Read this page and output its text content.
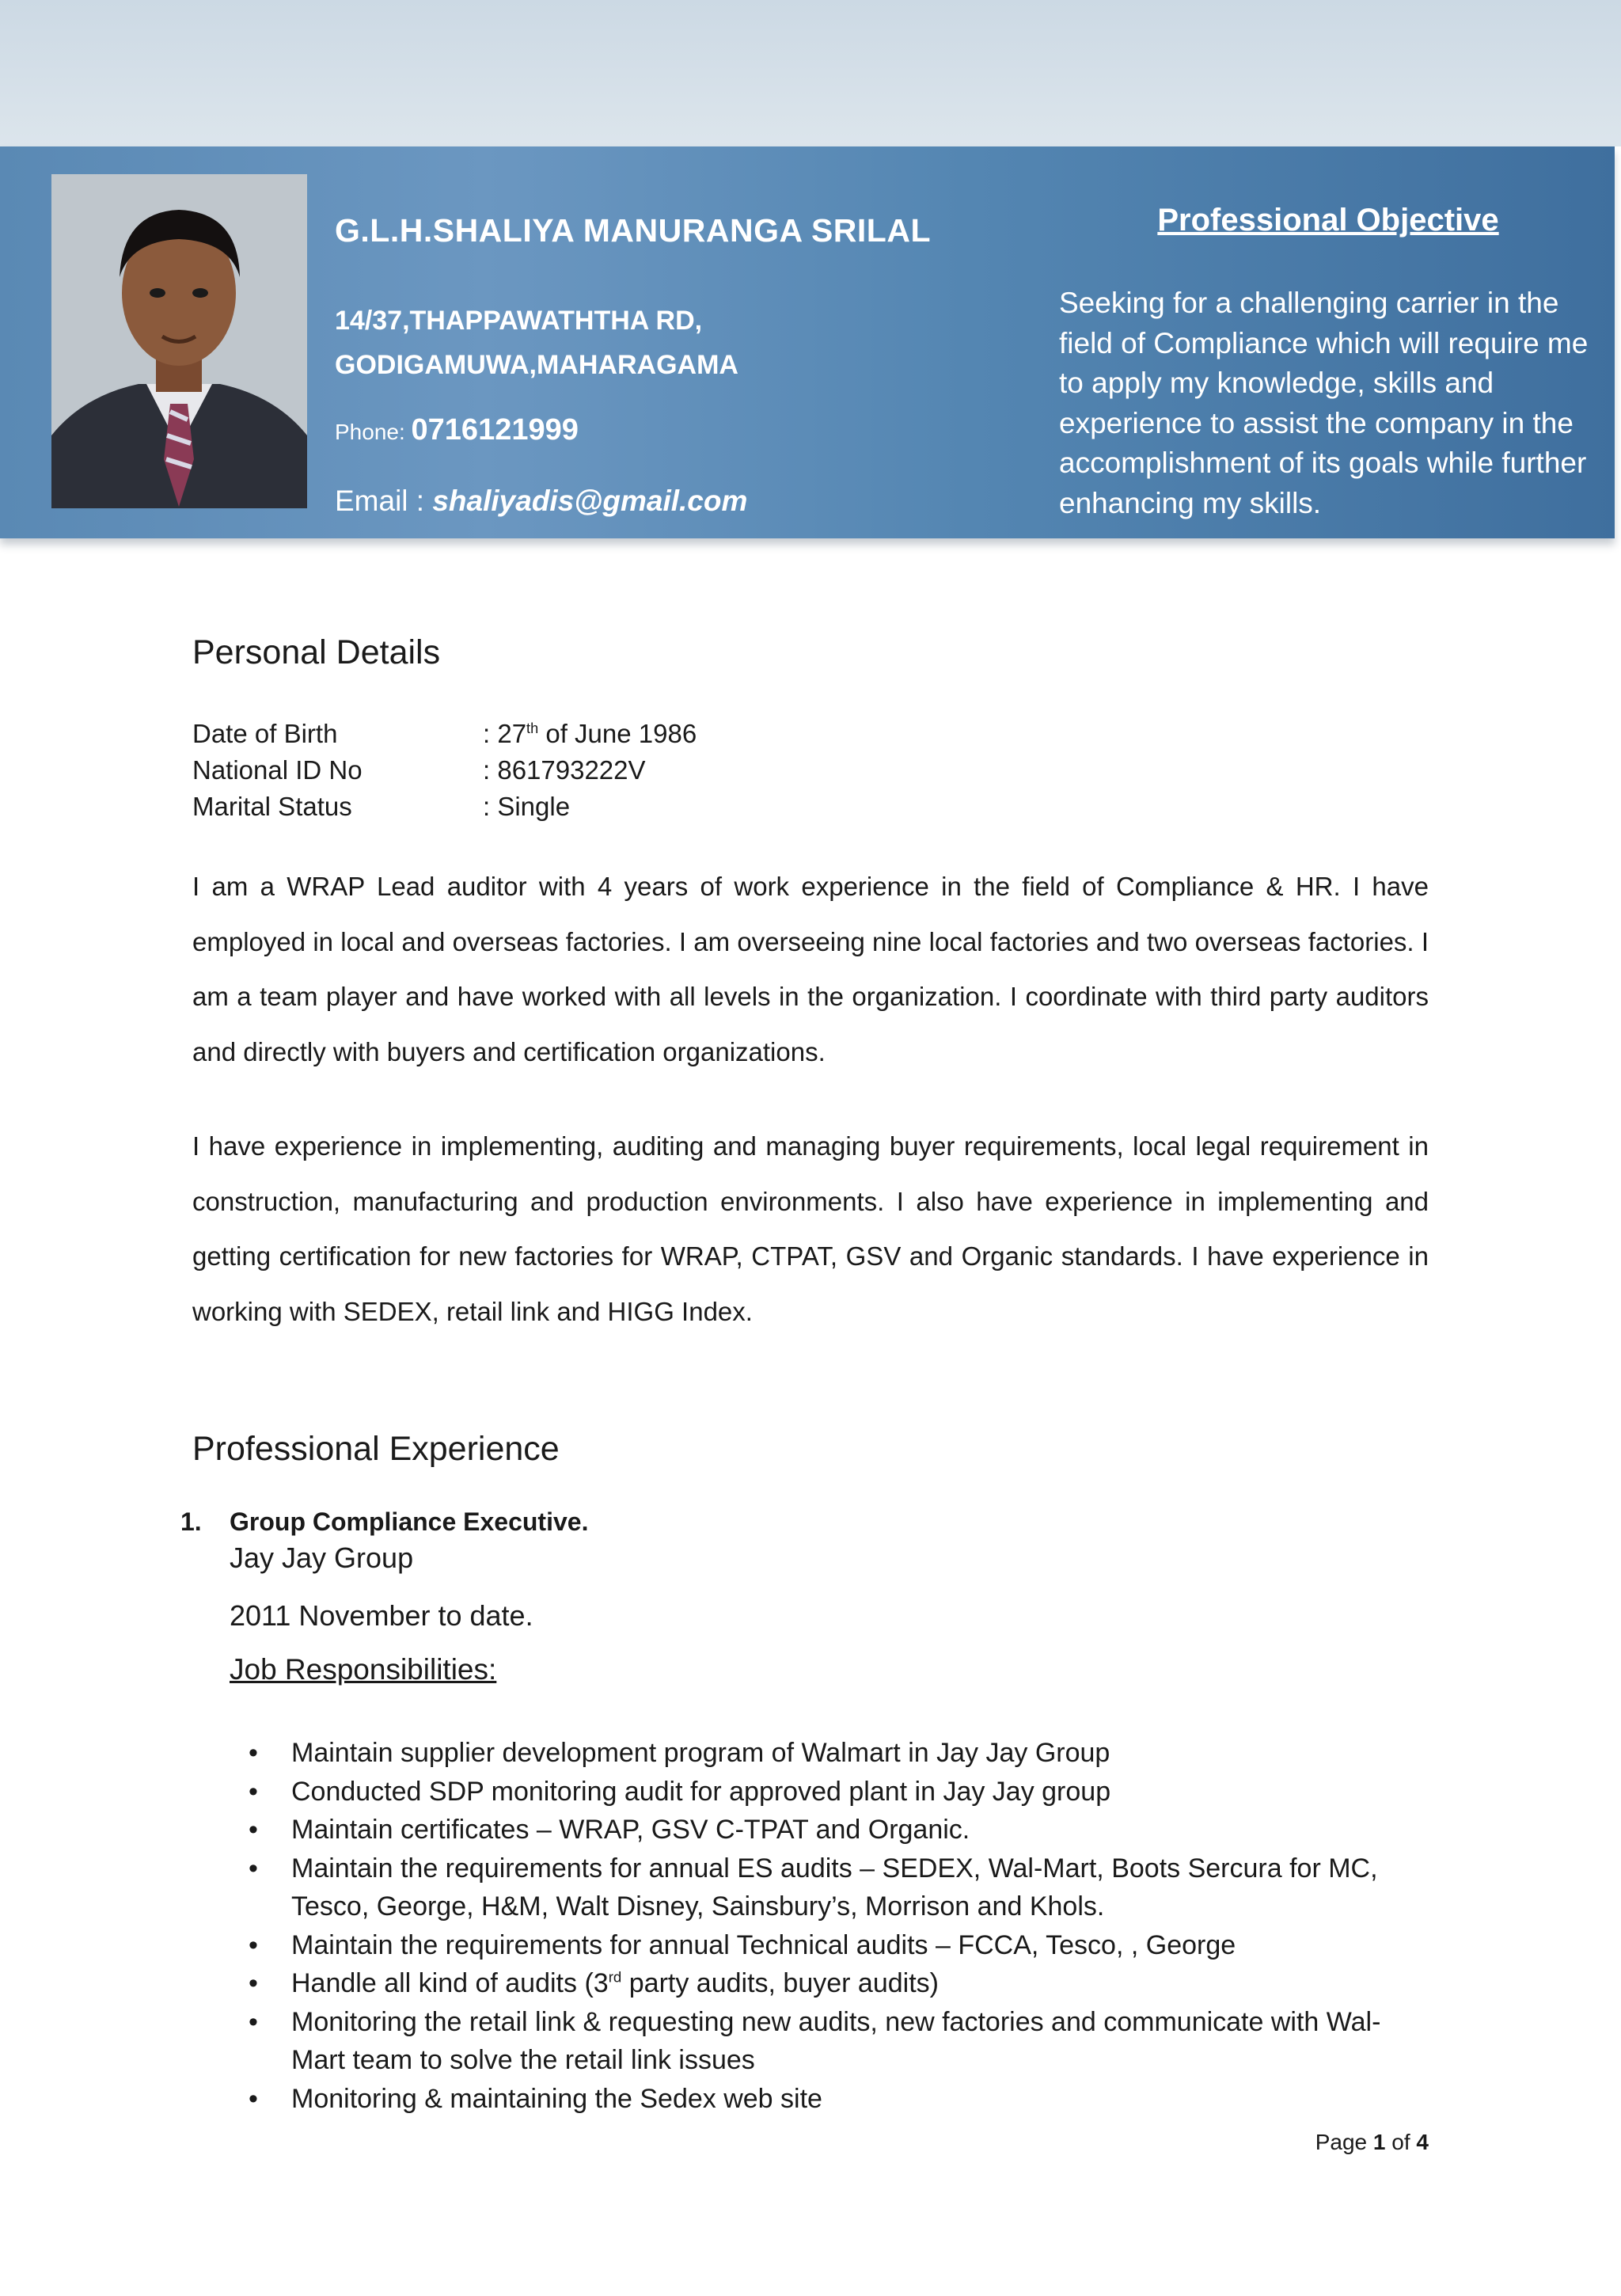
G.L.H.SHALIYA MANURANGA SRILAL
14/37,THAPPAWATHTHA RD,
GODIGAMUWA,MAHARAGAMA
Phone: 0716121999
Email : shaliyadis@gmail.com
Professional Objective
Seeking for a challenging carrier in the field of Compliance which will require me to apply my knowledge, skills and experience to assist the company in the accomplishment of its goals while further enhancing my skills.
Personal Details
Date of Birth	: 27th of June 1986
National ID No	: 861793222V
Marital Status	: Single
I am a WRAP Lead auditor with 4 years of work experience in the field of Compliance & HR. I have employed in local and overseas factories. I am overseeing nine local factories and two overseas factories. I am a team player and have worked with all levels in the organization. I coordinate with third party auditors and directly with buyers and certification organizations.
I have experience in implementing, auditing and managing buyer requirements, local legal requirement in construction, manufacturing and production environments. I also have experience in implementing and getting certification for new factories for WRAP, CTPAT, GSV and Organic standards. I have experience in working with SEDEX, retail link and HIGG Index.
Professional Experience
1. Group Compliance Executive.
Jay Jay Group
2011 November to date.
Job Responsibilities:
• Maintain supplier development program of Walmart in Jay Jay Group
• Conducted SDP monitoring audit for approved plant in Jay Jay group
• Maintain certificates – WRAP, GSV C-TPAT and Organic.
• Maintain the requirements for annual ES audits – SEDEX, Wal-Mart, Boots Sercura for MC, Tesco, George, H&M, Walt Disney, Sainsbury’s, Morrison and Khols.
• Maintain the requirements for annual Technical audits – FCCA, Tesco, , George
• Handle all kind of audits (3rd party audits, buyer audits)
• Monitoring the retail link & requesting new audits, new factories and communicate with Wal-Mart team to solve the retail link issues
• Monitoring & maintaining the Sedex web site
Page 1 of 4
